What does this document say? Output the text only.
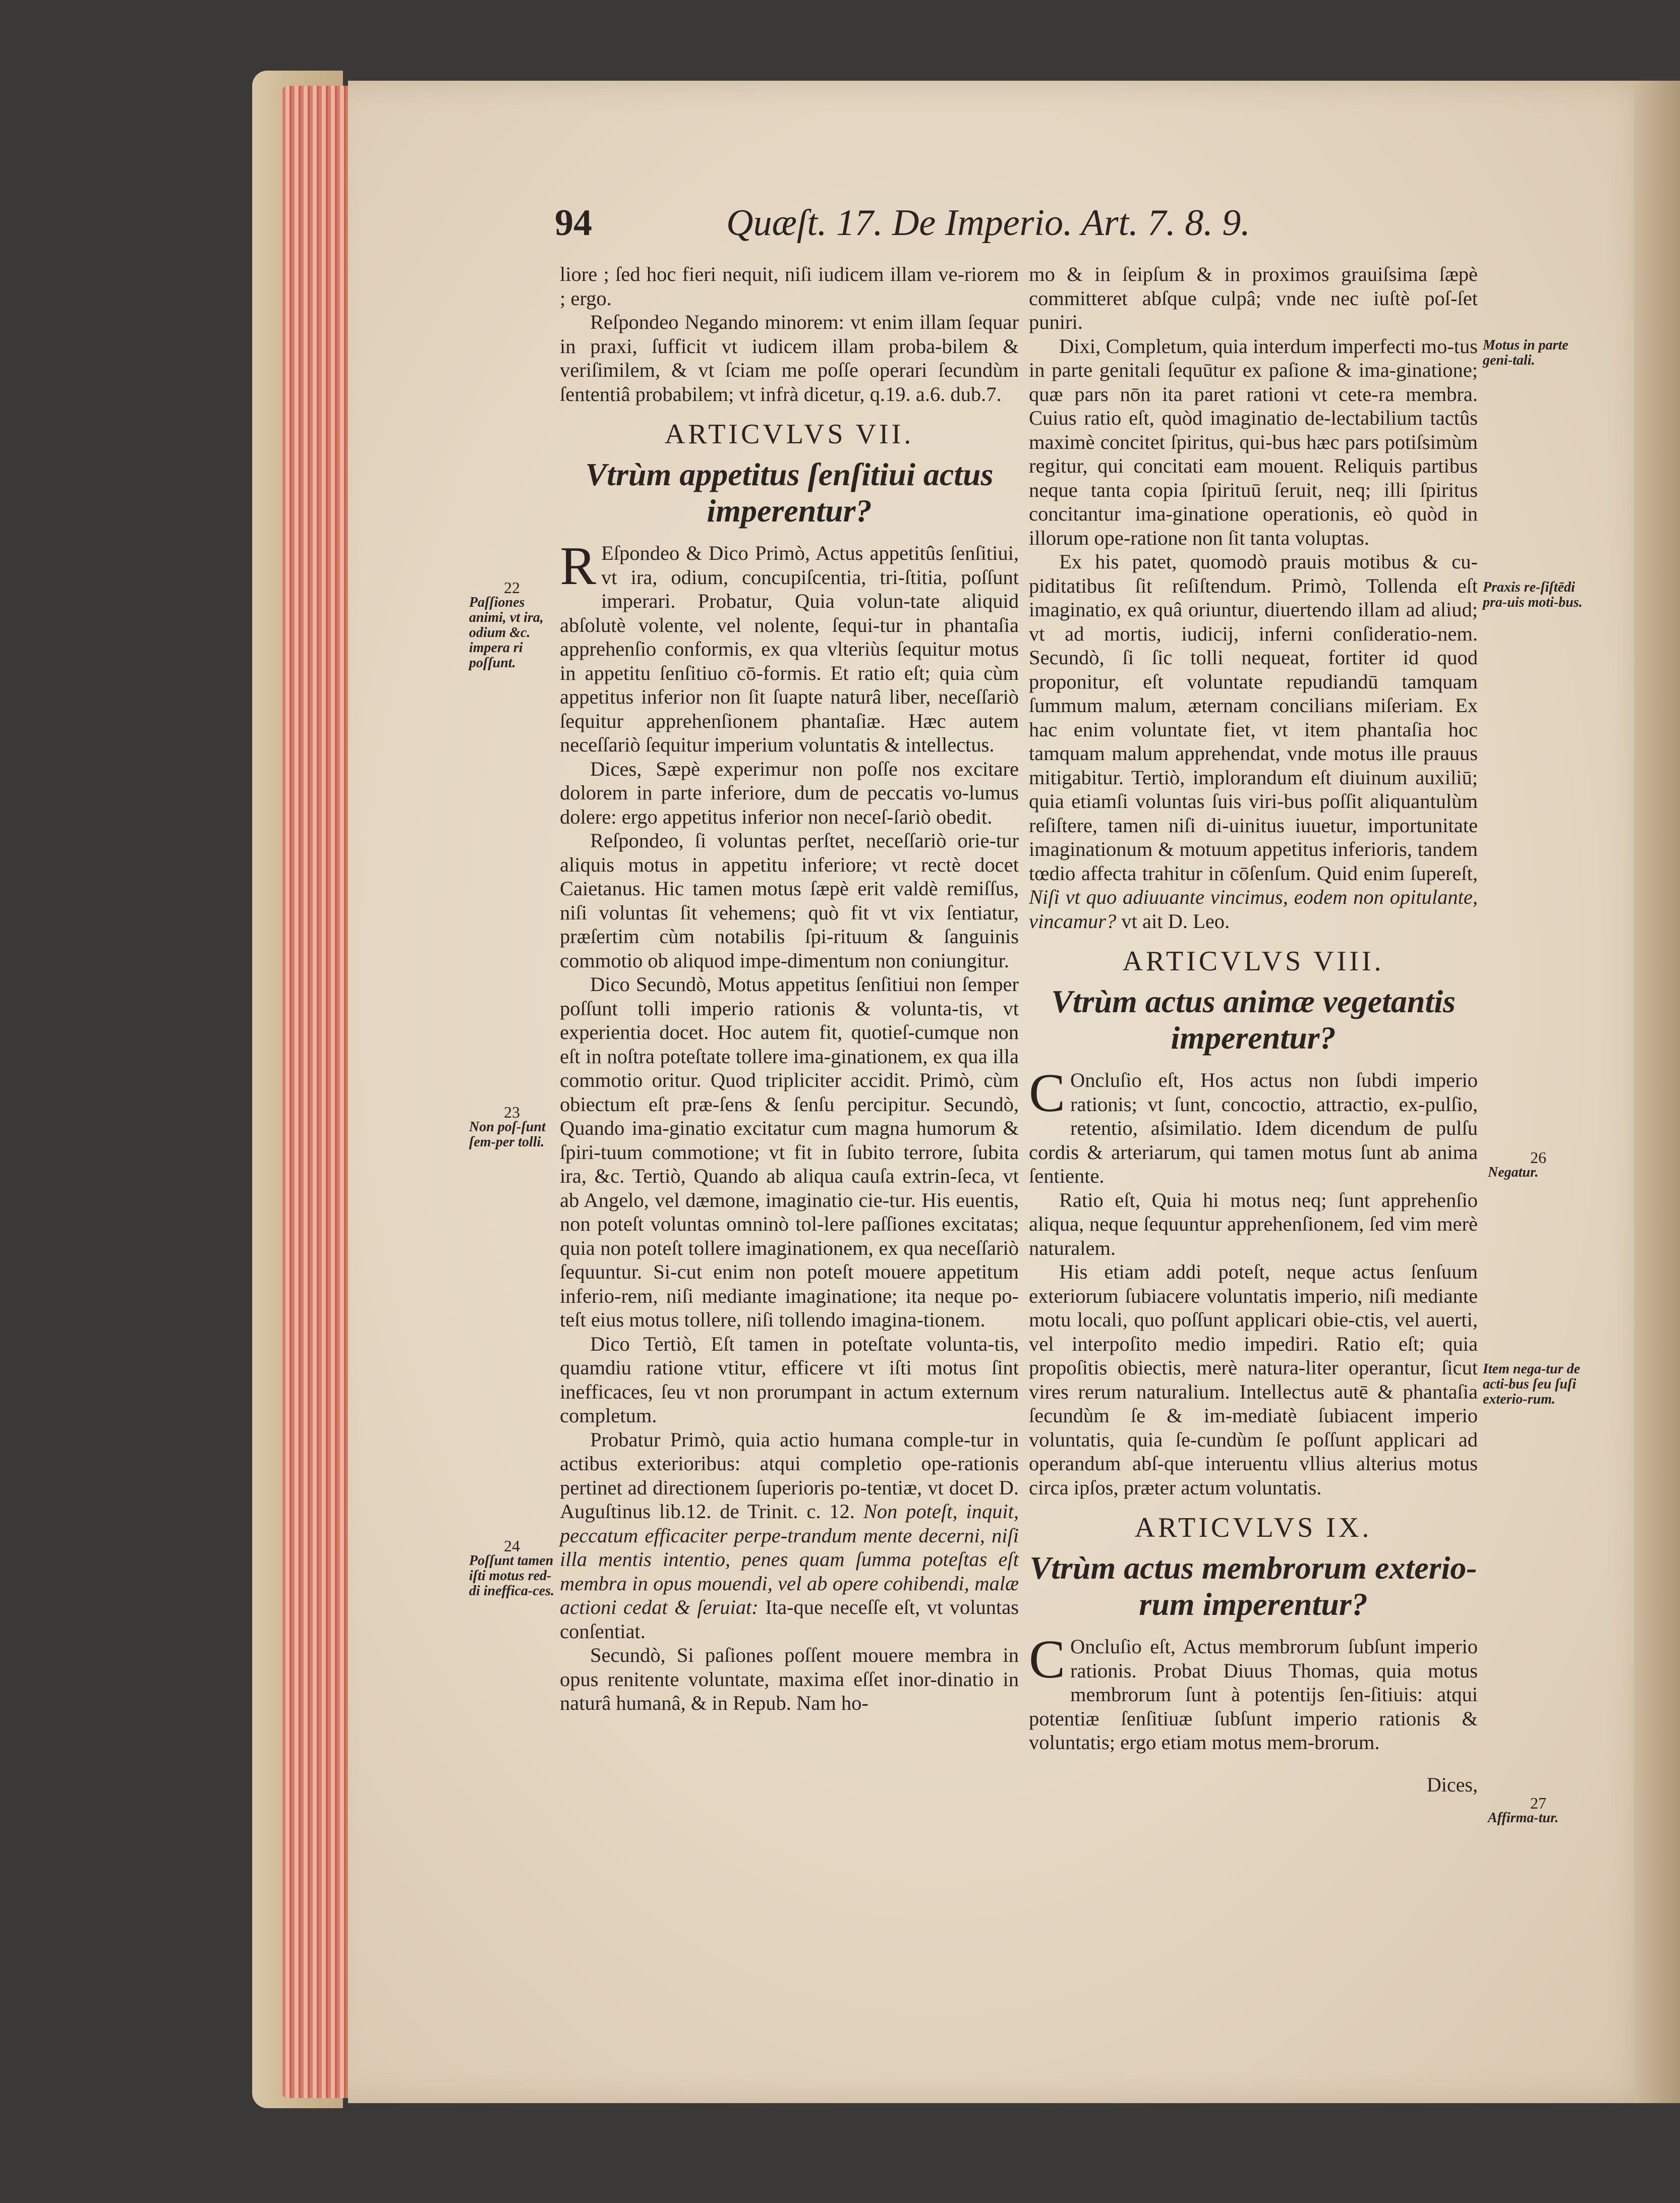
94	Quæſt. 17. De Imperio. Art. 7. 8. 9.

liore ; ſed hoc fieri nequit, niſi iudicem illam ve-riorem ; ergo.

Reſpondeo Negando minorem: vt enim illam ſequar in praxi, ſufficit vt iudicem illam proba-bilem & veriſimilem, & vt ſciam me poſſe operari ſecundùm ſententiâ probabilem; vt infrà dicetur, q.19. a.6. dub.7.

ARTICVLVS VII.
Vtrùm appetitus ſenſitiui actus imperentur?

R Eſpondeo & Dico Primò, Actus appetitûs ſenſitiui, vt ira, odium, concupiſcentia, tri-ſtitia, poſſunt imperari. Probatur, Quia volun-tate aliquid abſolutè volente, vel nolente, ſequi-tur in phantaſia apprehenſio conformis, ex qua vlteriùs ſequitur motus in appetitu ſenſitiuo cō-formis. Et ratio eſt; quia cùm appetitus inferior non ſit ſuapte naturâ liber, neceſſariò ſequitur apprehenſionem phantaſiæ. Hæc autem neceſſariò ſequitur imperium voluntatis & intellectus.

Dices, Sæpè experimur non poſſe nos excitare dolorem in parte inferiore, dum de peccatis vo-lumus dolere: ergo appetitus inferior non neceſ-ſariò obedit.

Reſpondeo, ſi voluntas perſtet, neceſſariò orie-tur aliquis motus in appetitu inferiore; vt rectè docet Caietanus. Hic tamen motus ſæpè erit valdè remiſſus, niſi voluntas ſit vehemens; quò fit vt vix ſentiatur, præſertim cùm notabilis ſpi-rituum & ſanguinis commotio ob aliquod impe-dimentum non coniungitur.

Dico Secundò, Motus appetitus ſenſitiui non ſemper poſſunt tolli imperio rationis & volunta-tis, vt experientia docet. Hoc autem fit, quotieſ-cumque non eſt in noſtra poteſtate tollere ima-ginationem, ex qua illa commotio oritur. Quod tripliciter accidit. Primò, cùm obiectum eſt præ-ſens & ſenſu percipitur. Secundò, Quando ima-ginatio excitatur cum magna humorum & ſpiri-tuum commotione; vt fit in ſubito terrore, ſubita ira, &c. Tertiò, Quando ab aliqua cauſa extrin-ſeca, vt ab Angelo, vel dæmone, imaginatio cie-tur. His euentis, non poteſt voluntas omninò tol-lere paſſiones excitatas; quia non poteſt tollere imaginationem, ex qua neceſſariò ſequuntur. Si-cut enim non poteſt mouere appetitum inferio-rem, niſi mediante imaginatione; ita neque po-teſt eius motus tollere, niſi tollendo imagina-tionem.

Dico Tertiò, Eſt tamen in poteſtate volunta-tis, quamdiu ratione vtitur, efficere vt iſti motus ſint inefficaces, ſeu vt non prorumpant in actum externum completum.

Probatur Primò, quia actio humana comple-tur in actibus exterioribus: atqui completio ope-rationis pertinet ad directionem ſuperioris po-tentiæ, vt docet D. Auguſtinus lib.12. de Trinit. c. 12. Non poteſt, inquit, peccatum efficaciter perpe-trandum mente decerni, niſi illa mentis intentio, penes quam ſumma poteſtas eſt membra in opus mouendi, vel ab opere cohibendi, malæ actioni cedat & ſeruiat: Ita-que neceſſe eſt, vt voluntas conſentiat.

Secundò, Si paſiones poſſent mouere membra in opus renitente voluntate, maxima eſſet inor-dinatio in naturâ humanâ, & in Repub. Nam ho-

mo & in ſeipſum & in proximos grauiſsima ſæpè committeret abſque culpâ; vnde nec iuſtè poſ-ſet puniri.

Dixi, Completum, quia interdum imperfecti mo-tus in parte genitali ſequūtur ex paſione & ima-ginatione; quæ pars nōn ita paret rationi vt cete-ra membra. Cuius ratio eſt, quòd imaginatio de-lectabilium tactûs maximè concitet ſpiritus, qui-bus hæc pars potiſsimùm regitur, qui concitati eam mouent. Reliquis partibus neque tanta copia ſpirituū ſeruit, neq; illi ſpiritus concitantur ima-ginatione operationis, eò quòd in illorum ope-ratione non ſit tanta voluptas.

Ex his patet, quomodò prauis motibus & cu-piditatibus ſit reſiſtendum. Primò, Tollenda eſt imaginatio, ex quâ oriuntur, diuertendo illam ad aliud; vt ad mortis, iudicij, inferni conſideratio-nem. Secundò, ſi ſic tolli nequeat, fortiter id quod proponitur, eſt voluntate repudiandū tamquam ſummum malum, æternam concilians miſeriam. Ex hac enim voluntate fiet, vt item phantaſia hoc tamquam malum apprehendat, vnde motus ille prauus mitigabitur. Tertiò, implorandum eſt diuinum auxiliū; quia etiamſi voluntas ſuis viri-bus poſſit aliquantulùm reſiſtere, tamen niſi di-uinitus iuuetur, importunitate imaginationum & motuum appetitus inferioris, tandem tœdio affecta trahitur in cōſenſum. Quid enim ſupereſt, Niſi vt quo adiuuante vincimus, eodem non opitulante, vincamur? vt ait D. Leo.

ARTICVLVS VIII.
Vtrùm actus animæ vegetantis imperentur?

C Oncluſio eſt, Hos actus non ſubdi imperio rationis; vt ſunt, concoctio, attractio, ex-pulſio, retentio, aſsimilatio. Idem dicendum de pulſu cordis & arteriarum, qui tamen motus ſunt ab anima ſentiente.

Ratio eſt, Quia hi motus neq; ſunt apprehenſio aliqua, neque ſequuntur apprehenſionem, ſed vim merè naturalem.

His etiam addi poteſt, neque actus ſenſuum exteriorum ſubiacere voluntatis imperio, niſi mediante motu locali, quo poſſunt applicari obie-ctis, vel auerti, vel interpoſito medio impediri. Ratio eſt; quia propoſitis obiectis, merè natura-liter operantur, ſicut vires rerum naturalium. Intellectus autē & phantaſia ſecundùm ſe & im-mediatè ſubiacent imperio voluntatis, quia ſe-cundùm ſe poſſunt applicari ad operandum abſ-que interuentu vllius alterius motus circa ipſos, præter actum voluntatis.

ARTICVLVS IX.
Vtrùm actus membrorum exterio-rum imperentur?

C Oncluſio eſt, Actus membrorum ſubſunt imperio rationis. Probat Diuus Thomas, quia motus membrorum ſunt à potentijs ſen-ſitiuis: atqui potentiæ ſenſitiuæ ſubſunt imperio rationis & voluntatis; ergo etiam motus mem-brorum.

Dices,
22
Paſſiones animi, vt ira, odium &c. impera ri poſſunt.
23
Non poſ-ſunt ſem-per tolli.
24
Poſſunt tamen iſti motus red-di ineffica-ces.
Motus in parte geni-tali.
Praxis re-ſiſtēdi pra-uis moti-bus.
26
Negatur.
Item nega-tur de acti-bus ſeu ſuſi exterio-rum.
27
Affirma-tur.
